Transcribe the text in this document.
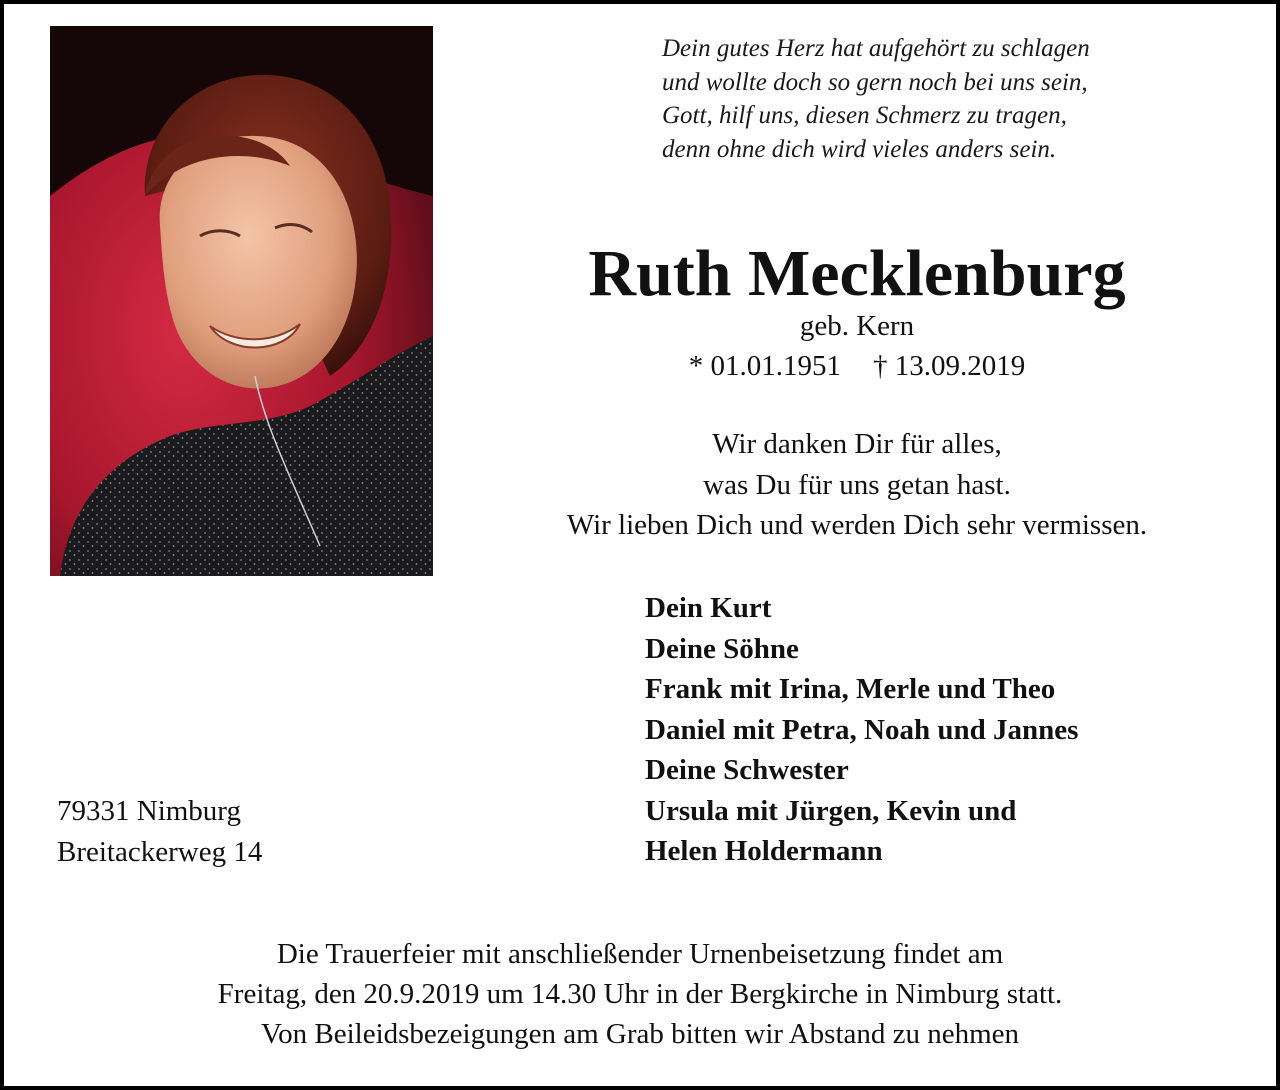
Dein gutes Herz hat aufgehört zu schlagen
und wollte doch so gern noch bei uns sein,
Gott, hilf uns, diesen Schmerz zu tragen,
denn ohne dich wird vieles anders sein.
Ruth Mecklenburg
geb. Kern
* 01.01.1951 † 13.09.2019
Wir danken Dir für alles,
was Du für uns getan hast.
Wir lieben Dich und werden Dich sehr vermissen.
Dein Kurt
Deine Söhne
Frank mit Irina, Merle und Theo
Daniel mit Petra, Noah und Jannes
Deine Schwester
Ursula mit Jürgen, Kevin und
Helen Holdermann
79331 Nimburg
Breitackerweg 14
Die Trauerfeier mit anschließender Urnenbeisetzung findet am
Freitag, den 20.9.2019 um 14.30 Uhr in der Bergkirche in Nimburg statt.
Von Beileidsbezeigungen am Grab bitten wir Abstand zu nehmen
